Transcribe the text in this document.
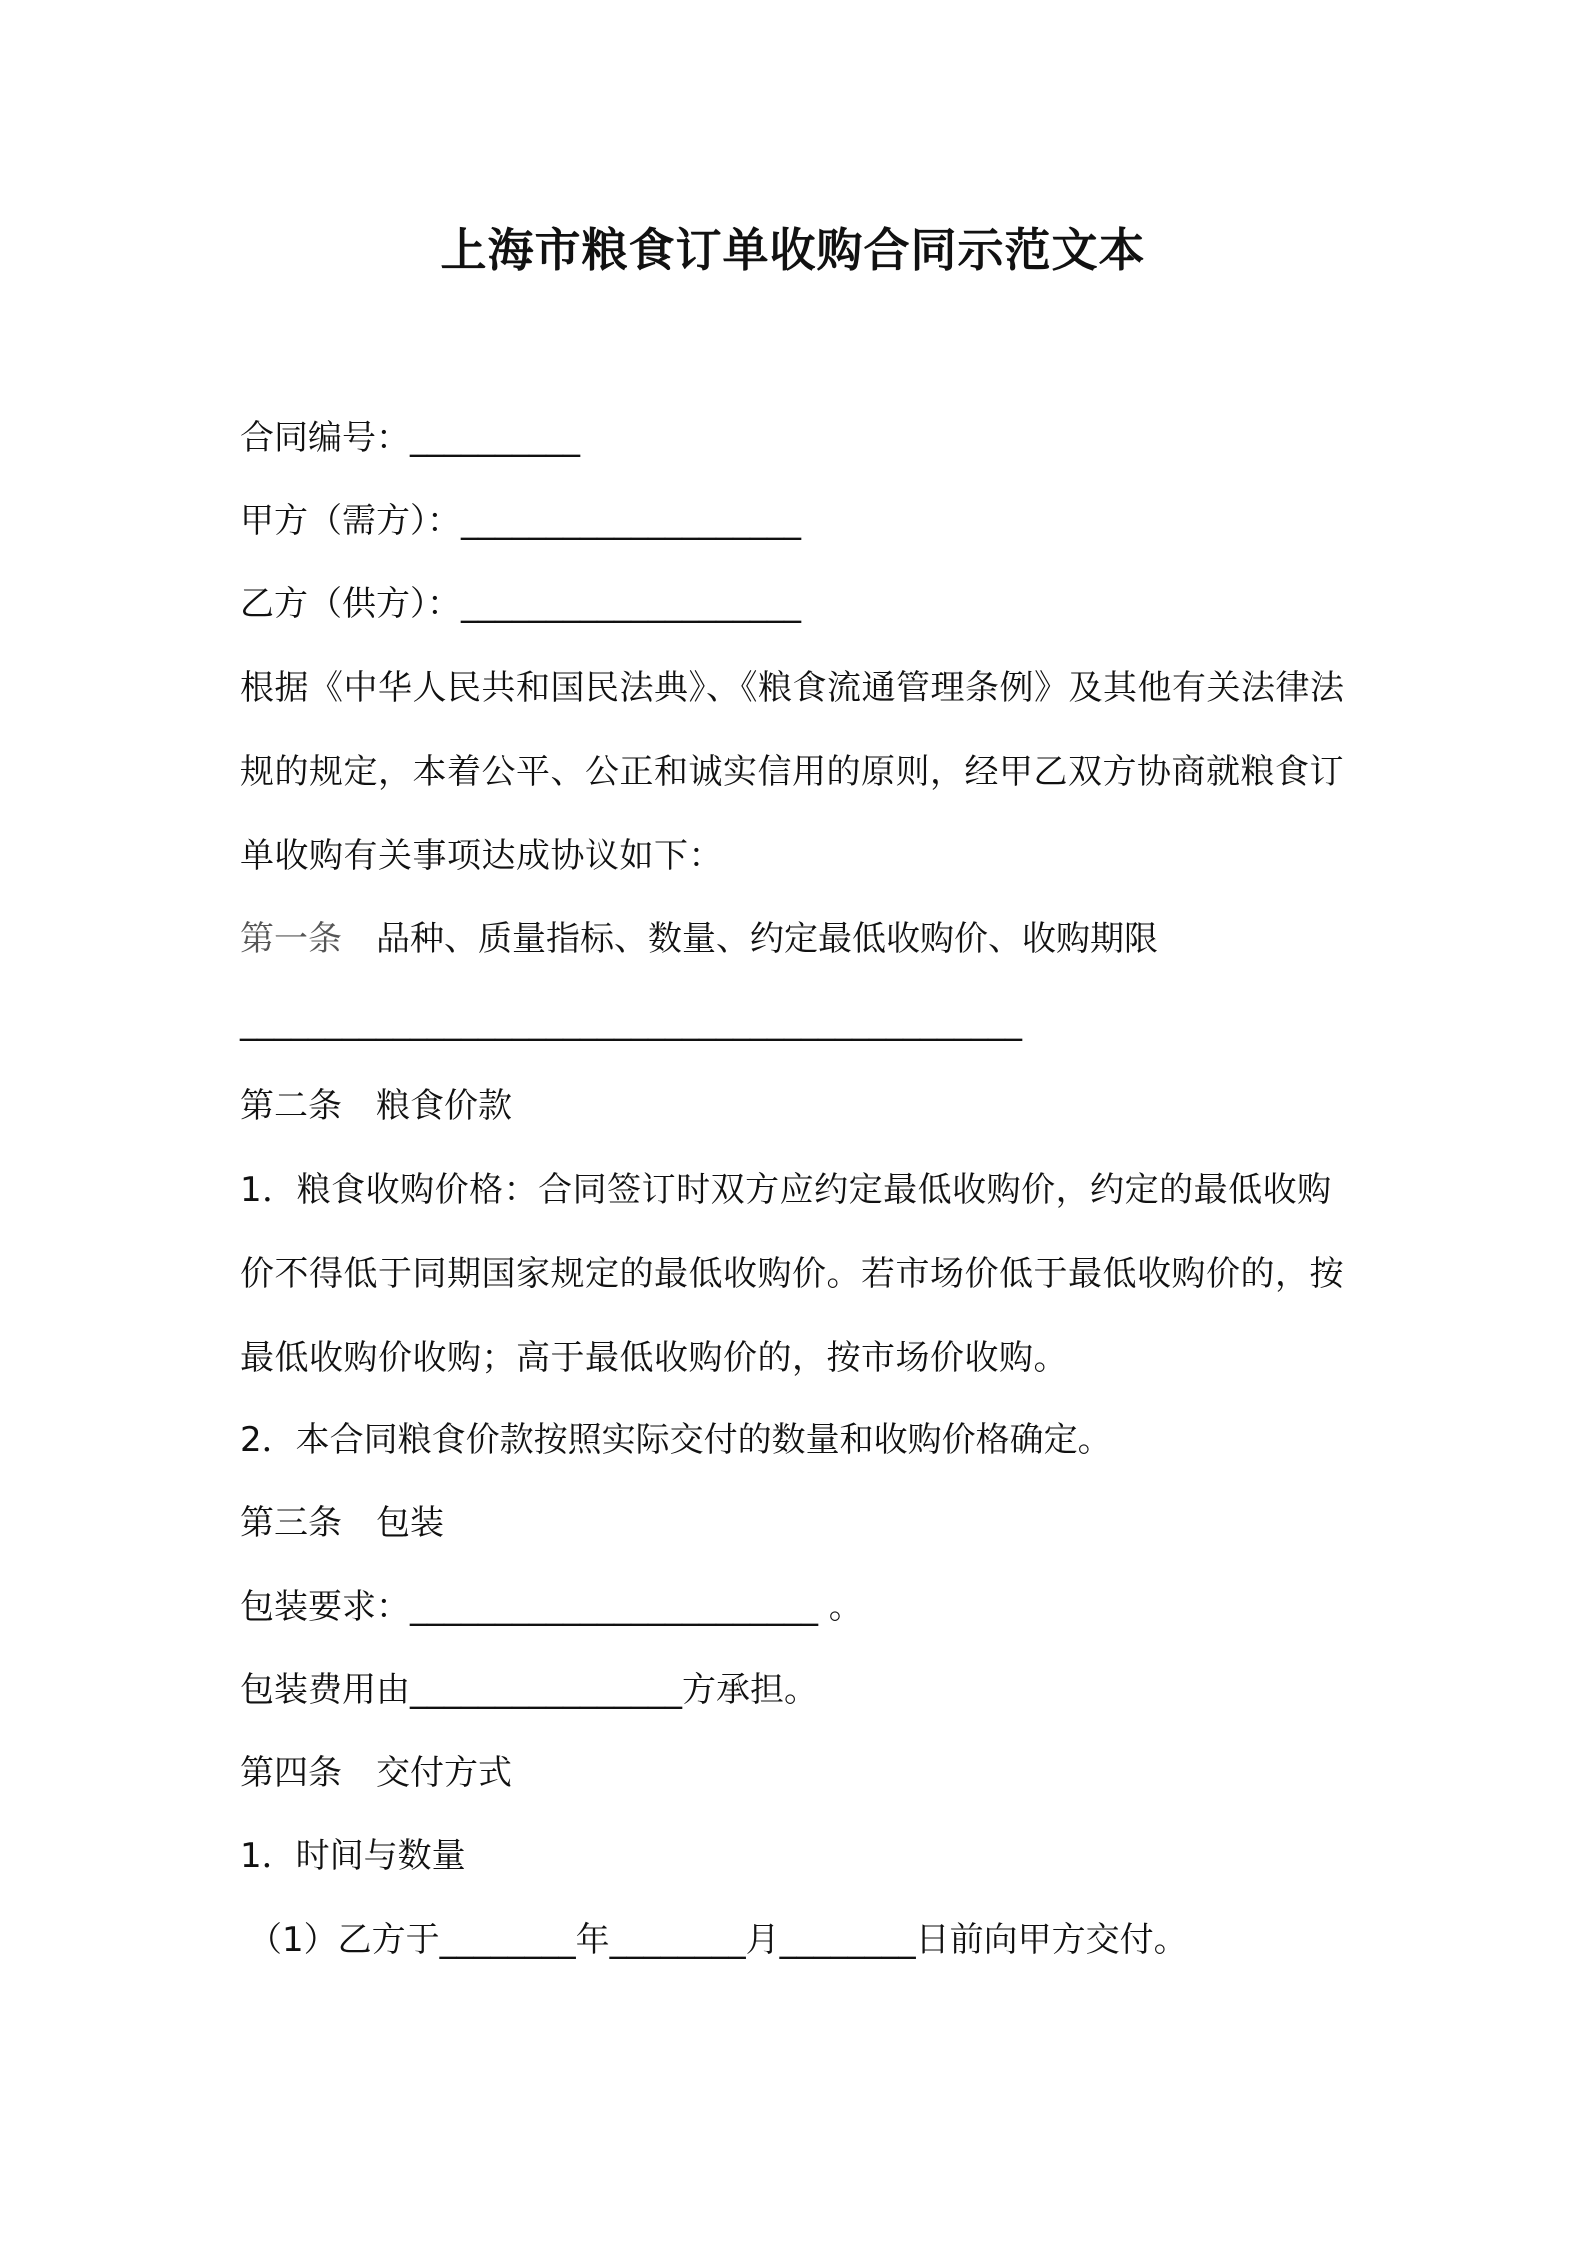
上海市粮食订单收购合同示范文本
合同编号：__________
甲方（需方）：____________________
乙方（供方）：____________________
根据《中华人民共和国民法典》、《粮食流通管理条例》及其他有关法律法规的规定，本着公平、公正和诚实信用的原则，经甲乙双方协商就粮食订单收购有关事项达成协议如下：
第一条 品种、质量指标、数量、约定最低收购价、收购期限
______________________________________________
第二条 粮食价款
1．粮食收购价格：合同签订时双方应约定最低收购价，约定的最低收购价不得低于同期国家规定的最低收购价。若市场价低于最低收购价的，按最低收购价收购；高于最低收购价的，按市场价收购。
2．本合同粮食价款按照实际交付的数量和收购价格确定。
第三条 包装
包装要求：________________________ 。
包装费用由________________方承担。
第四条 交付方式
1．时间与数量
（1）乙方于________年________月________日前向甲方交付。
